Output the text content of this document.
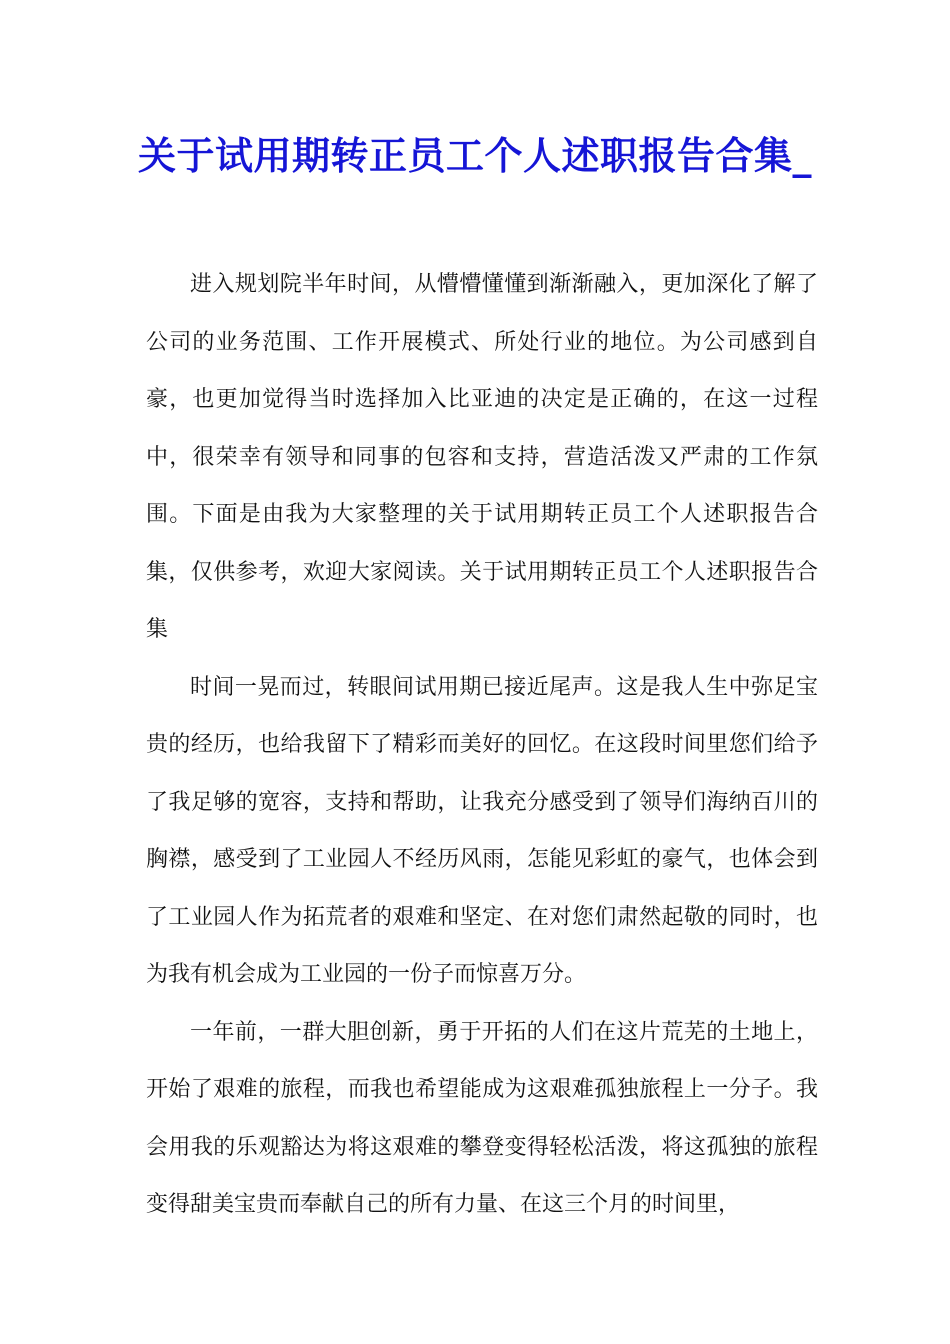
关于试用期转正员工个人述职报告合集_

进入规划院半年时间，从懵懵懂懂到渐渐融入，更加深化了解了公司的业务范围、工作开展模式、所处行业的地位。为公司感到自豪，也更加觉得当时选择加入比亚迪的决定是正确的，在这一过程中，很荣幸有领导和同事的包容和支持，营造活泼又严肃的工作氛围。下面是由我为大家整理的关于试用期转正员工个人述职报告合集，仅供参考，欢迎大家阅读。关于试用期转正员工个人述职报告合集

时间一晃而过，转眼间试用期已接近尾声。这是我人生中弥足宝贵的经历，也给我留下了精彩而美好的回忆。在这段时间里您们给予了我足够的宽容，支持和帮助，让我充分感受到了领导们海纳百川的胸襟，感受到了工业园人不经历风雨，怎能见彩虹的豪气，也体会到了工业园人作为拓荒者的艰难和坚定、在对您们肃然起敬的同时，也为我有机会成为工业园的一份子而惊喜万分。

一年前，一群大胆创新，勇于开拓的人们在这片荒芜的土地上，开始了艰难的旅程，而我也希望能成为这艰难孤独旅程上一分子。我会用我的乐观豁达为将这艰难的攀登变得轻松活泼，将这孤独的旅程变得甜美宝贵而奉献自己的所有力量、在这三个月的时间里，
